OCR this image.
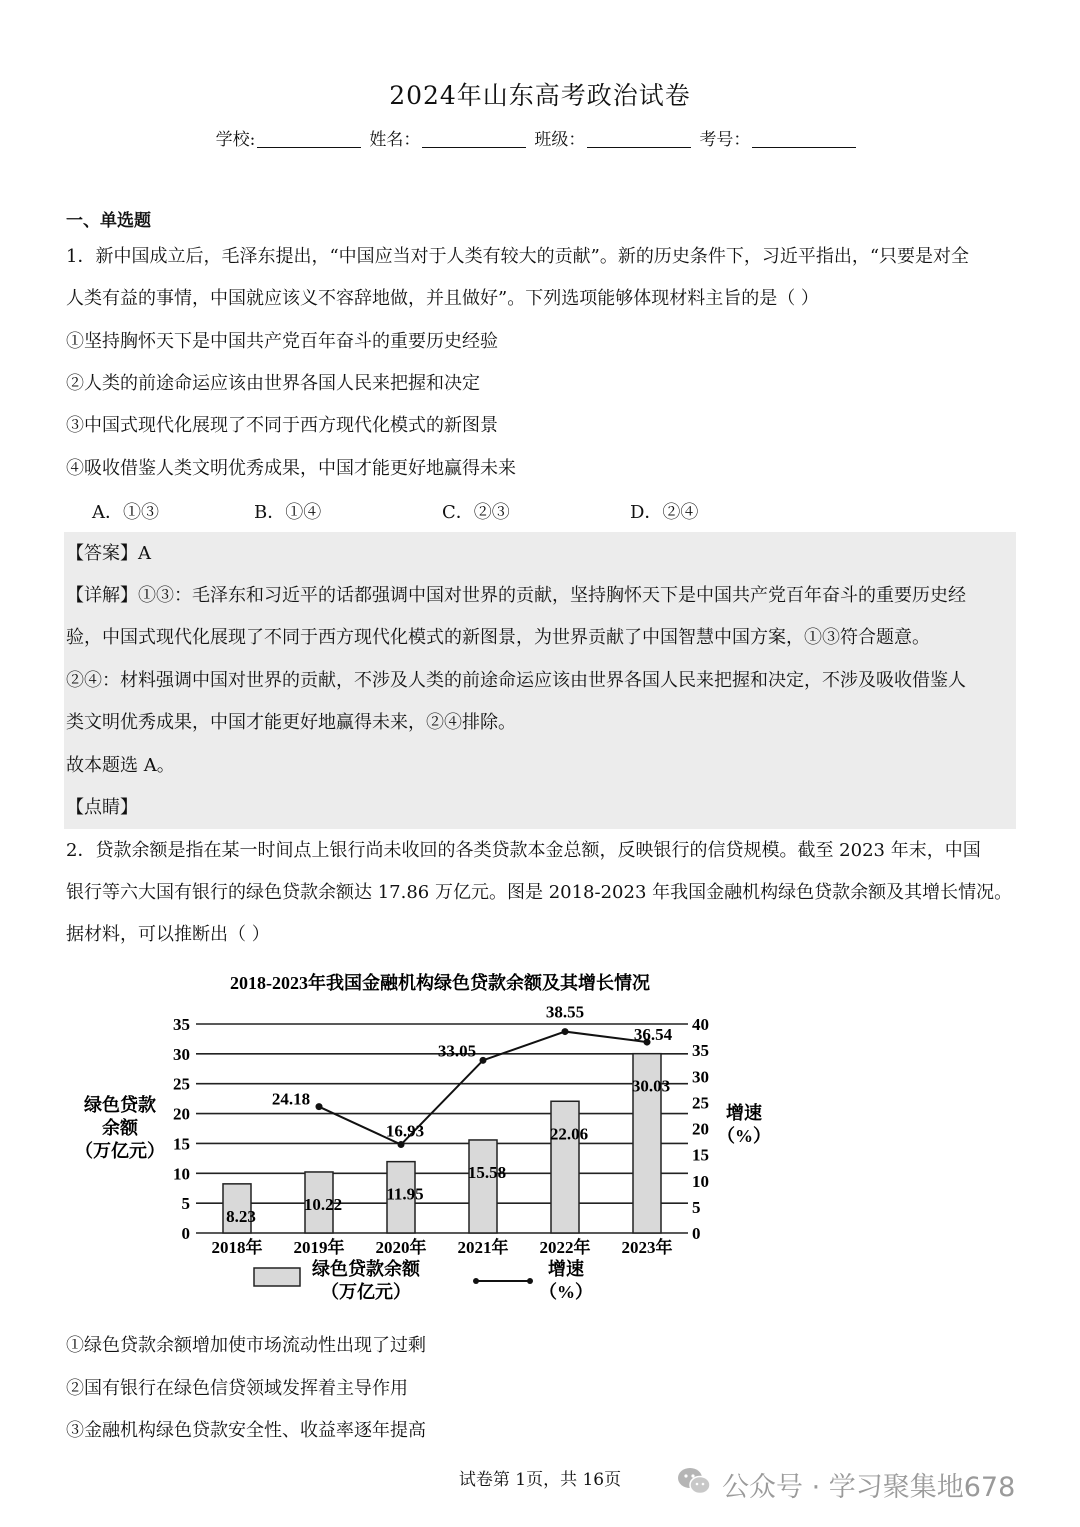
2024年山东高考政治试卷
学校:	姓名：	班级：	考号：
一、单选题
1．新中国成立后，毛泽东提出，“中国应当对于人类有较大的贡献”。新的历史条件下，习近平指出，“只要是对全
人类有益的事情，中国就应该义不容辞地做，并且做好”。下列选项能够体现材料主旨的是（ ）
①坚持胸怀天下是中国共产党百年奋斗的重要历史经验
②人类的前途命运应该由世界各国人民来把握和决定
③中国式现代化展现了不同于西方现代化模式的新图景
④吸收借鉴人类文明优秀成果，中国才能更好地赢得未来
A．①③	B．①④	C．②③	D．②④
【答案】A
【详解】①③：毛泽东和习近平的话都强调中国对世界的贡献，坚持胸怀天下是中国共产党百年奋斗的重要历史经
验，中国式现代化展现了不同于西方现代化模式的新图景，为世界贡献了中国智慧中国方案，①③符合题意。
②④：材料强调中国对世界的贡献，不涉及人类的前途命运应该由世界各国人民来把握和决定，不涉及吸收借鉴人
类文明优秀成果，中国才能更好地赢得未来，②④排除。
故本题选 A。
【点睛】
2．贷款余额是指在某一时间点上银行尚未收回的各类贷款本金总额，反映银行的信贷规模。截至 2023 年末，中国
银行等六大国有银行的绿色贷款余额达 17.86 万亿元。图是 2018-2023 年我国金融机构绿色贷款余额及其增长情况。
据材料，可以推断出（ ）
2018-2023年我国金融机构绿色贷款余额及其增长情况
0
5
10
15
20
25
30
35
0
5
10
15
20
25
30
35
40
绿色贷款
余额
（万亿元）
增速
（%）
8.23
10.22
11.95
15.58
22.06
30.03
2018年 2019年 2020年 2021年 2022年 2023年
24.18
16.93
33.05
38.55
36.54
绿色贷款余额
（万亿元）
增速
（%）
①绿色贷款余额增加使市场流动性出现了过剩
②国有银行在绿色信贷领域发挥着主导作用
③金融机构绿色贷款安全性、收益率逐年提高
试卷第 1页，共 16页	公众号 · 学习聚集地678
